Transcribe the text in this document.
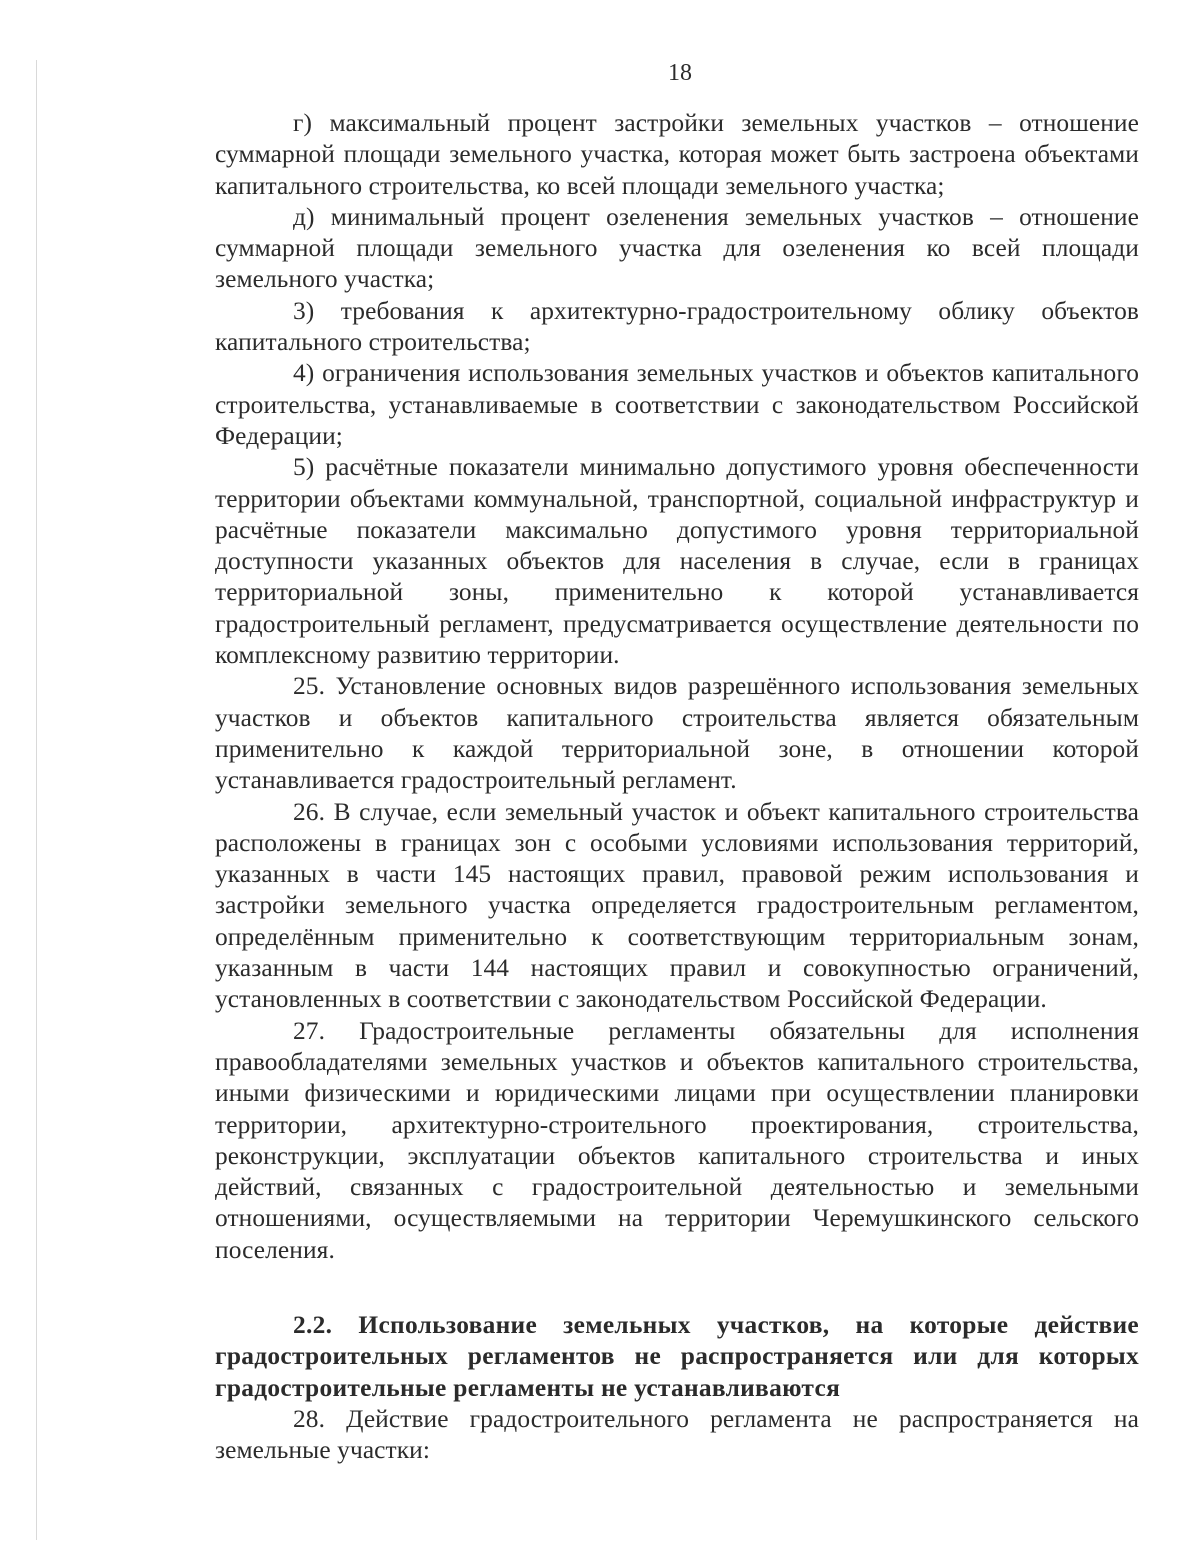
18

г) максимальный процент застройки земельных участков – отношение суммарной площади земельного участка, которая может быть застроена объектами капитального строительства, ко всей площади земельного участка;

д) минимальный процент озеленения земельных участков – отношение суммарной площади земельного участка для озеленения ко всей площади земельного участка;

3) требования к архитектурно-градостроительному облику объектов капитального строительства;

4) ограничения использования земельных участков и объектов капитального строительства, устанавливаемые в соответствии с законодательством Российской Федерации;

5) расчётные показатели минимально допустимого уровня обеспеченности территории объектами коммунальной, транспортной, социальной инфраструктур и расчётные показатели максимально допустимого уровня территориальной доступности указанных объектов для населения в случае, если в границах территориальной зоны, применительно к которой устанавливается градостроительный регламент, предусматривается осуществление деятельности по комплексному развитию территории.

25. Установление основных видов разрешённого использования земельных участков и объектов капитального строительства является обязательным применительно к каждой территориальной зоне, в отношении которой устанавливается градостроительный регламент.

26. В случае, если земельный участок и объект капитального строительства расположены в границах зон с особыми условиями использования территорий, указанных в части 145 настоящих правил, правовой режим использования и застройки земельного участка определяется градостроительным регламентом, определённым применительно к соответствующим территориальным зонам, указанным в части 144 настоящих правил и совокупностью ограничений, установленных в соответствии с законодательством Российской Федерации.

27. Градостроительные регламенты обязательны для исполнения правообладателями земельных участков и объектов капитального строительства, иными физическими и юридическими лицами при осуществлении планировки территории, архитектурно-строительного проектирования, строительства, реконструкции, эксплуатации объектов капитального строительства и иных действий, связанных с градостроительной деятельностью и земельными отношениями, осуществляемыми на территории Черемушкинского сельского поселения.

2.2. Использование земельных участков, на которые действие градостроительных регламентов не распространяется или для которых градостроительные регламенты не устанавливаются

28. Действие градостроительного регламента не распространяется на земельные участки:
